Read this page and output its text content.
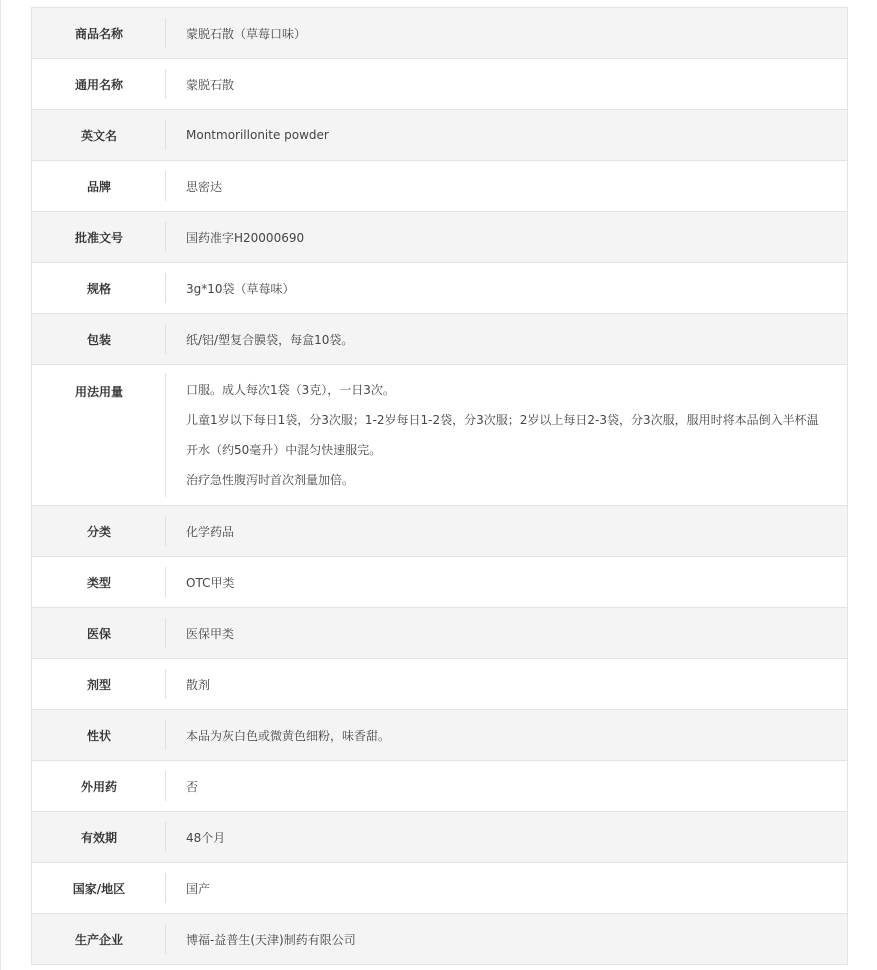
商品名称	蒙脱石散（草莓口味）
通用名称	蒙脱石散
英文名	Montmorillonite powder
品牌	思密达
批准文号	国药准字H20000690
规格	3g*10袋（草莓味）
包装	纸/铝/塑复合膜袋，每盒10袋。
用法用量	口服。成人每次1袋（3克），一日3次。
儿童1岁以下每日1袋，分3次服；1-2岁每日1-2袋，分3次服；2岁以上每日2-3袋，分3次服，服用时将本品倒入半杯温
开水（约50毫升）中混匀快速服完。
治疗急性腹泻时首次剂量加倍。
分类	化学药品
类型	OTC甲类
医保	医保甲类
剂型	散剂
性状	本品为灰白色或微黄色细粉，味香甜。
外用药	否
有效期	48个月
国家/地区	国产
生产企业	博福-益普生(天津)制药有限公司
